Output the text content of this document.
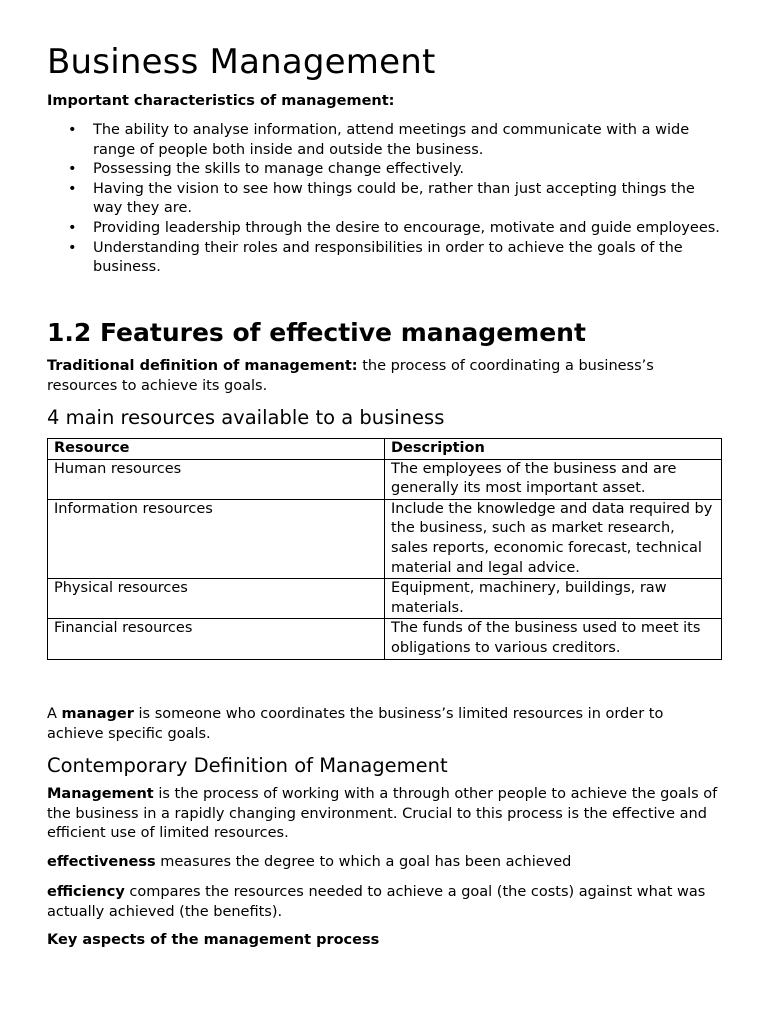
Business Management
Important characteristics of management:
• The ability to analyse information, attend meetings and communicate with a wide range of people both inside and outside the business.
• Possessing the skills to manage change effectively.
• Having the vision to see how things could be, rather than just accepting things the way they are.
• Providing leadership through the desire to encourage, motivate and guide employees.
• Understanding their roles and responsibilities in order to achieve the goals of the business.
1.2 Features of effective management
Traditional definition of management: the process of coordinating a business’s resources to achieve its goals.
4 main resources available to a business
Resource	Description
Human resources	The employees of the business and are generally its most important asset.
Information resources	Include the knowledge and data required by the business, such as market research, sales reports, economic forecast, technical material and legal advice.
Physical resources	Equipment, machinery, buildings, raw materials.
Financial resources	The funds of the business used to meet its obligations to various creditors.
A manager is someone who coordinates the business’s limited resources in order to achieve specific goals.
Contemporary Definition of Management
Management is the process of working with a through other people to achieve the goals of the business in a rapidly changing environment. Crucial to this process is the effective and efficient use of limited resources.
effectiveness measures the degree to which a goal has been achieved
efficiency compares the resources needed to achieve a goal (the costs) against what was actually achieved (the benefits).
Key aspects of the management process
